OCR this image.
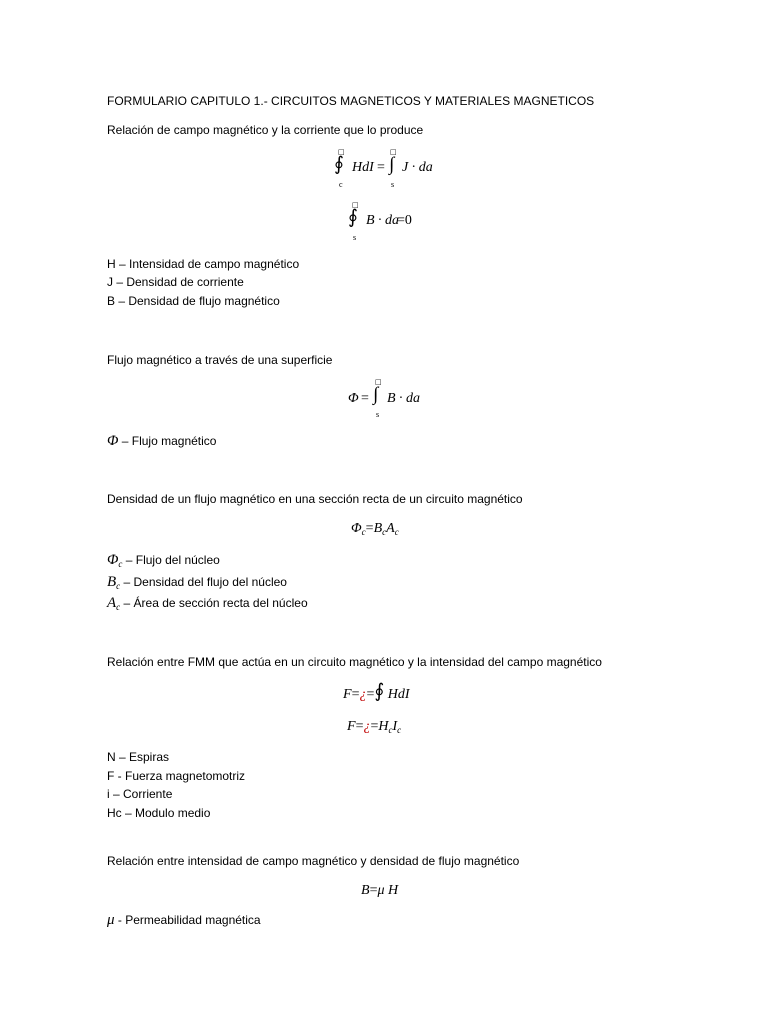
FORMULARIO CAPITULO 1.- CIRCUITOS MAGNETICOS Y MATERIALES MAGNETICOS
Relación de campo magnético y la corriente que lo produce
□
∮
c
HdI =
□
∫
s
J · da
□
∮
s
B · da
=0
H – Intensidad de campo magnético
J – Densidad de corriente
B – Densidad de flujo magnético
Flujo magnético a través de una superficie
Φ =
□
∫
s
B · da
Φ – Flujo magnético
Densidad de un flujo magnético en una sección recta de un circuito magnético
$\Phi_c=B_cA_c$
$\Phi_c$ – Flujo del núcleo
$B_c$ – Densidad del flujo del núcleo
$A_c$ – Área de sección recta del núcleo
Relación entre FMM que actúa en un circuito magnético y la intensidad del campo magnético
F=¿=∮ HdI
$F=¿=H_cI_c$
N – Espiras
F - Fuerza magnetomotriz
i – Corriente
Hc – Modulo medio
Relación entre intensidad de campo magnético y densidad de flujo magnético
B=μ H
μ - Permeabilidad magnética
